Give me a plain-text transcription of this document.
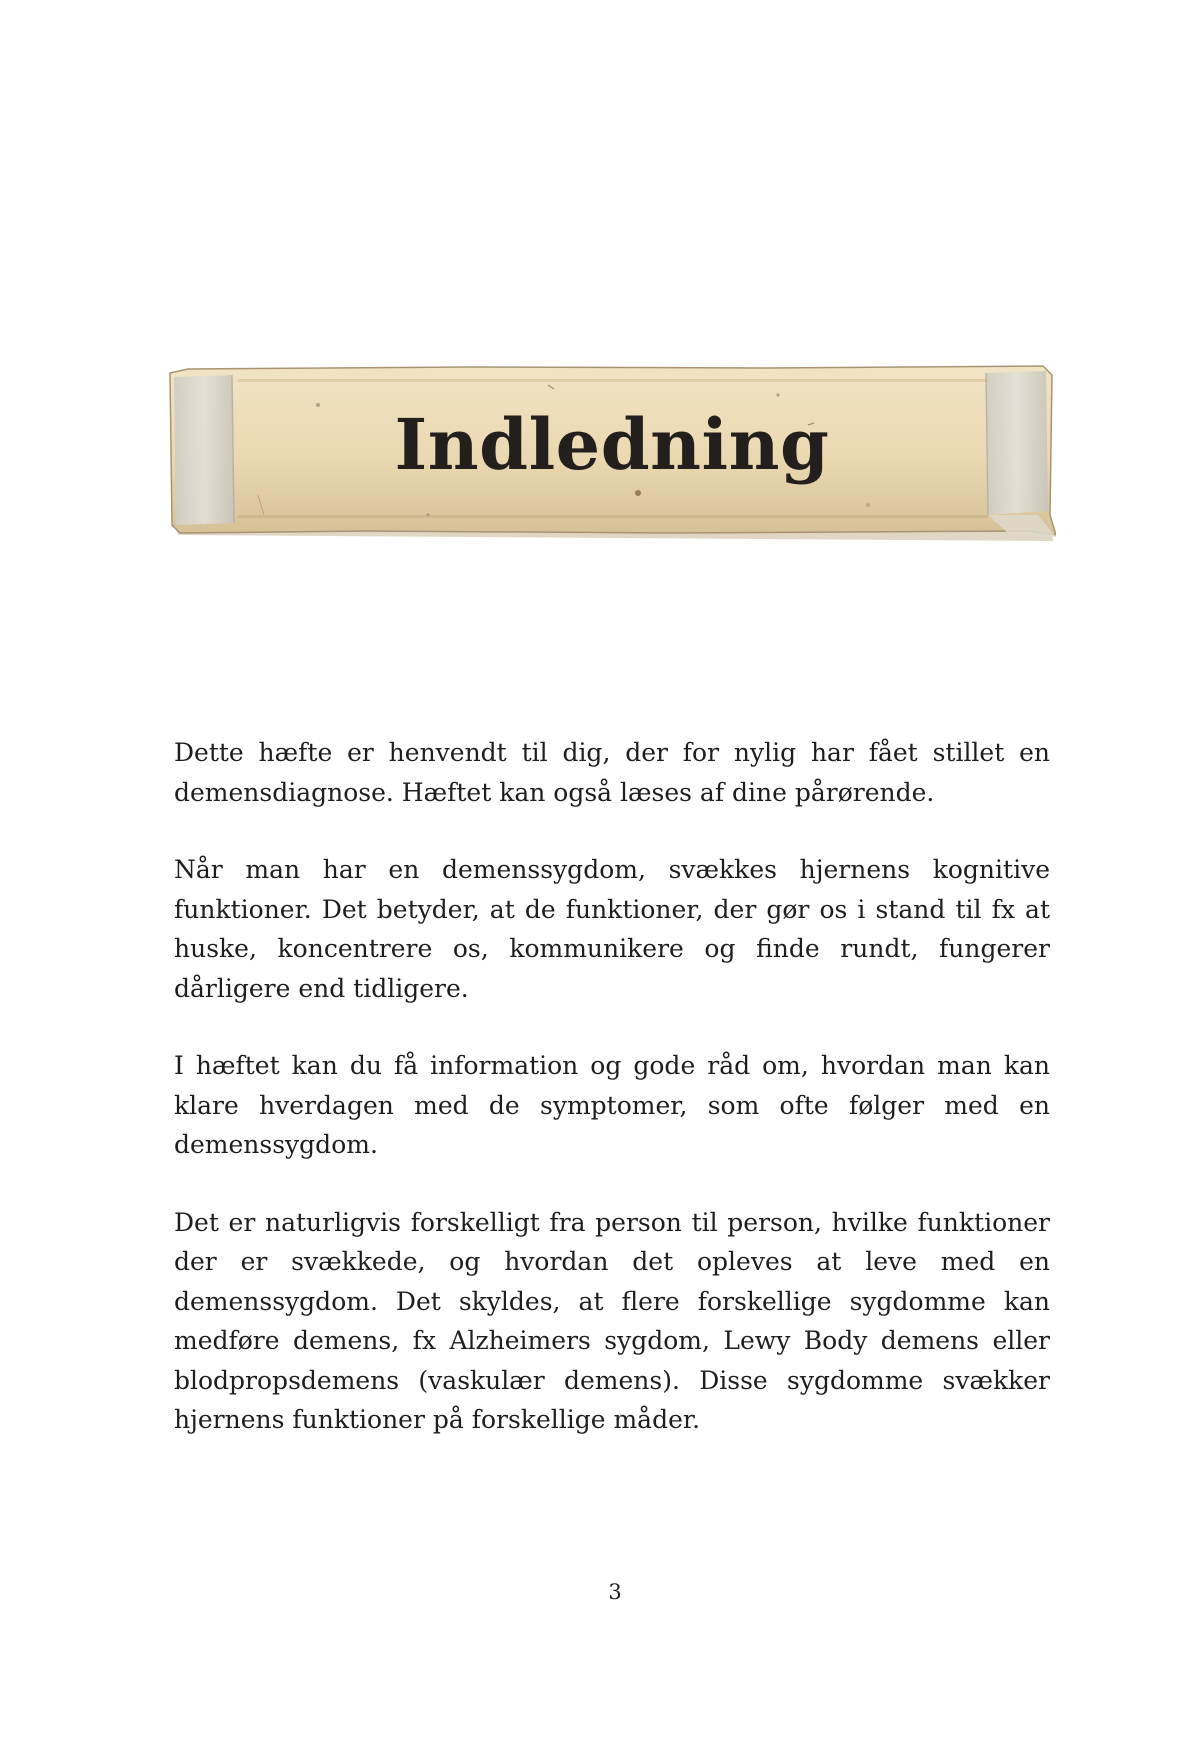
Indledning

Dette hæfte er henvendt til dig, der for nylig har fået stillet en demensdiagnose. Hæftet kan også læses af dine pårørende.

Når man har en demenssygdom, svækkes hjernens kognitive funktioner. Det betyder, at de funktioner, der gør os i stand til fx at huske, koncentrere os, kommunikere og finde rundt, fungerer dårligere end tidligere.

I hæftet kan du få information og gode råd om, hvordan man kan klare hverdagen med de symptomer, som ofte følger med en demenssygdom.

Det er naturligvis forskelligt fra person til person, hvilke funktioner der er svækkede, og hvordan det opleves at leve med en demenssygdom. Det skyldes, at flere forskellige sygdomme kan medføre demens, fx Alzheimers sygdom, Lewy Body demens eller blodpropsdemens (vaskulær demens). Disse sygdomme svækker hjernens funktioner på forskellige måder.

3
